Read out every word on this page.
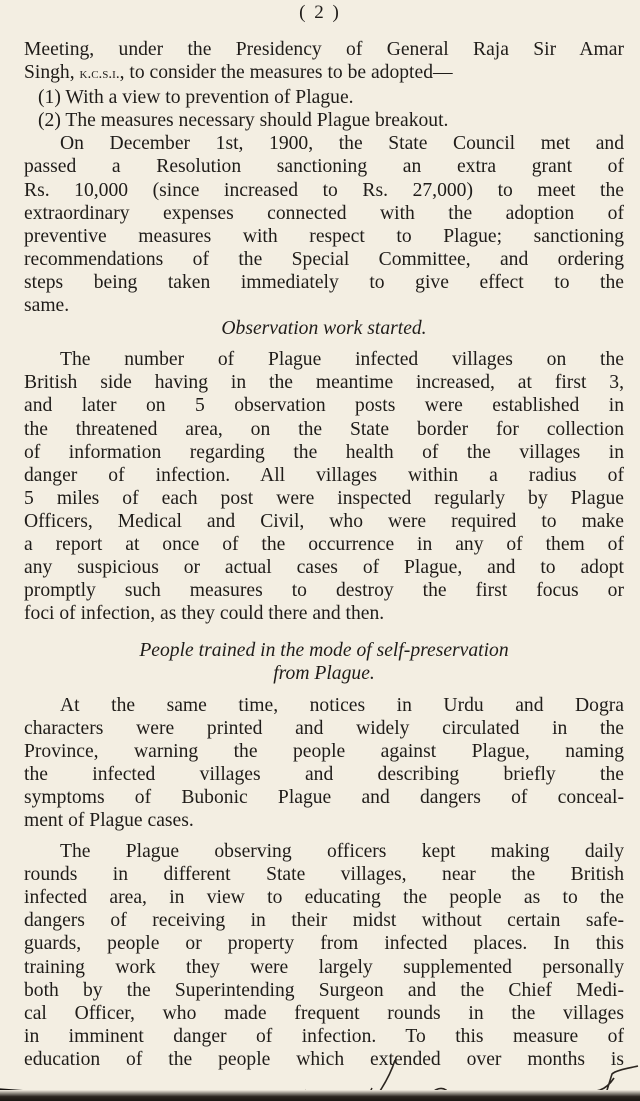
( 2 )
Meeting, under the Presidency of General Raja Sir Amar
Singh, k.c.s.i., to consider the measures to be adopted—
(1) With a view to prevention of Plague.
(2) The measures necessary should Plague breakout.
On December 1st, 1900, the State Council met and
passed a Resolution sanctioning an extra grant of
Rs. 10,000 (since increased to Rs. 27,000) to meet the
extraordinary expenses connected with the adoption of
preventive measures with respect to Plague; sanctioning
recommendations of the Special Committee, and ordering
steps being taken immediately to give effect to the
same.
Observation work started.
The number of Plague infected villages on the
British side having in the meantime increased, at first 3,
and later on 5 observation posts were established in
the threatened area, on the State border for collection
of information regarding the health of the villages in
danger of infection. All villages within a radius of
5 miles of each post were inspected regularly by Plague
Officers, Medical and Civil, who were required to make
a report at once of the occurrence in any of them of
any suspicious or actual cases of Plague, and to adopt
promptly such measures to destroy the first focus or
foci of infection, as they could there and then.
People trained in the mode of self-preservation
from Plague.
At the same time, notices in Urdu and Dogra
characters were printed and widely circulated in the
Province, warning the people against Plague, naming
the infected villages and describing briefly the
symptoms of Bubonic Plague and dangers of conceal-
ment of Plague cases.
The Plague observing officers kept making daily
rounds in different State villages, near the British
infected area, in view to educating the people as to the
dangers of receiving in their midst without certain safe-
guards, people or property from infected places. In this
training work they were largely supplemented personally
both by the Superintending Surgeon and the Chief Medi-
cal Officer, who made frequent rounds in the villages
in imminent danger of infection. To this measure of
education of the people which extended over months is
